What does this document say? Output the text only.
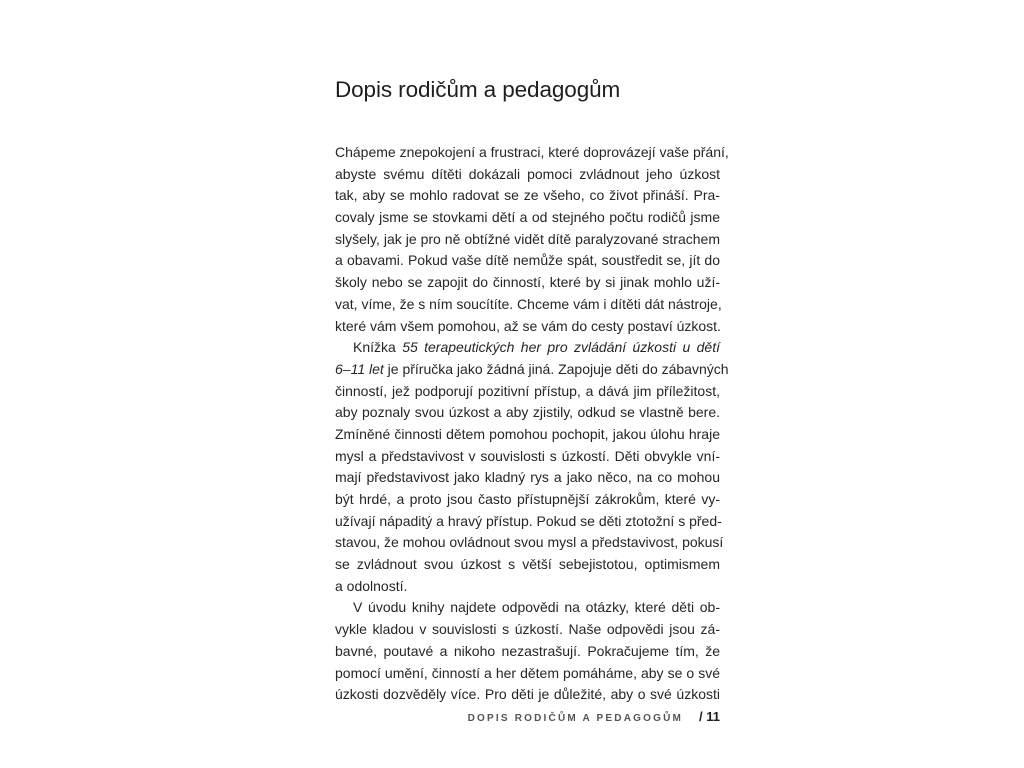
Dopis rodičům a pedagogům
Chápeme znepokojení a frustraci, které doprovázejí vaše přání,
abyste svému dítěti dokázali pomoci zvládnout jeho úzkost
tak, aby se mohlo radovat se ze všeho, co život přináší. Pra-
covaly jsme se stovkami dětí a od stejného počtu rodičů jsme
slyšely, jak je pro ně obtížné vidět dítě paralyzované strachem
a obavami. Pokud vaše dítě nemůže spát, soustředit se, jít do
školy nebo se zapojit do činností, které by si jinak mohlo uží-
vat, víme, že s ním soucítíte. Chceme vám i dítěti dát nástroje,
které vám všem pomohou, až se vám do cesty postaví úzkost.
Knížka 55 terapeutických her pro zvládání úzkosti u dětí
6–11 let je příručka jako žádná jiná. Zapojuje děti do zábavných
činností, jež podporují pozitivní přístup, a dává jim příležitost,
aby poznaly svou úzkost a aby zjistily, odkud se vlastně bere.
Zmíněné činnosti dětem pomohou pochopit, jakou úlohu hraje
mysl a představivost v souvislosti s úzkostí. Děti obvykle vní-
mají představivost jako kladný rys a jako něco, na co mohou
být hrdé, a proto jsou často přístupnější zákrokům, které vy-
užívají nápaditý a hravý přístup. Pokud se děti ztotožní s před-
stavou, že mohou ovládnout svou mysl a představivost, pokusí
se zvládnout svou úzkost s větší sebejistotou, optimismem
a odolností.
V úvodu knihy najdete odpovědi na otázky, které děti ob-
vykle kladou v souvislosti s úzkostí. Naše odpovědi jsou zá-
bavné, poutavé a nikoho nezastrašují. Pokračujeme tím, že
pomocí umění, činností a her dětem pomáháme, aby se o své
úzkosti dozvěděly více. Pro děti je důležité, aby o své úzkosti
DOPIS RODIČŮM A PEDAGOGŮM / 11
